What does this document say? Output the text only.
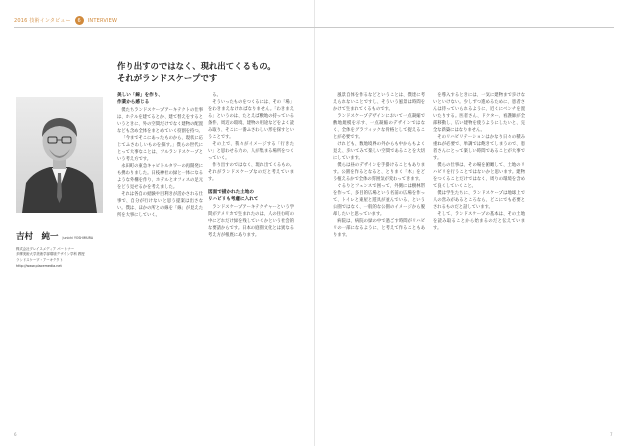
2016 技術インタビュー	6	INTERVIEW
作り出すのではなく、現れ出てくるもの。
それがランドスケープです
吉村　純一 Junichi YOSHIMURA
株式会社プレイスメディア パートナー
多摩美術大学美術学部環境デザイン学科 教授
ランドスケープ・アーキテクト
http://www.placemedia.net
美しい「線」を作り、
作業から感じる

僕たちランドスケープアーキテクトの仕事は、ホテルを建てるとか、建て替えをするというときに、外の空間だけでなく建物の配置なども含め全体をまとめていく役割を持つ。

「今までそこにあったものから、現状に応じてふさわしいものを探す。」僕らの世代にとって大事なことは、フルランドスケープという考え方です。

永田町の東急キャピトルタワーの再開発にも携わりました。日枝神社の緑と一体になるような外構を作り、ホテルとオフィスの足元をどう見せるかを考えました。

それは各自の経験や目利きが活かされる仕事で、自分が行けないと思う提案は出さない。僕は、ほかの所との線を「線」が見えた所を大事にしていく。

る。

そういったものをつくるには、その「場」をわきまえなければなりません。「わきまえる」というのは、たとえば敷地の持っている条件、周辺の環境、建物の用途などをよく読み取り、そこに一番ふさわしい形を探すということです。

その上で、我々がイメージする「行きたい」と思わせる力の、人が集まる場所をつくっていく。

作り出すのではなく、現れ出てくるもの。それがランドスケープなのだと考えています。

図面で描かれた土地の
リハビリも考慮に入れて

ランドスケープアーキテクチャーという学問がアメリカで生まれたのは、人の住む町の中にどれだけ緑を残していくかという社会的な要請からです。日本の庭園文化とは異なる考え方が根底にあります。

風景自体を作るなどということは、僕達に考えられないことですし、そういう風景は時間をかけて生まれてくるものです。

ランドスケープデザインにおいて一点凝縮で敷地規模を示す、一点凝縮のデザインではなく、全体をグラフィックな骨格として捉えることが必要です。

けれども、数地境界の外からも中からもよく見え、歩いてみて楽しい空間であることを大切にしています。

僕らは昼のデザインを手掛けることもあります。公園を作るとなると、とりまく「木」をどう植えるかで全体の雰囲気が変わってきます。

ぐるりとフェンスで囲って、外側には樹林帯を作って、多目的広場という名前の広場を作って、トイレと東屋と遊具が並んでいる、という公園ではなく、一般的な公園のイメージから脱却したいと思っています。

病院は、病院の緑の中で過ごす時間がリハビリの一部になるように、と考えて作ることもあります。

を導入するときには、一気に建物まで歩けないといけない。少しずつ進めるために、患者さんは待っていられるように、近くにベンチを置いたりする。医者さん、ドクター、看護師が全部移動し、広い建物を使うようにしたいと、完全な新築にはなりません。

そのリハビリテーションはかなり日々の積み重ねが必要で、単調では飽きてしまうので、患者さんにとって楽しい時間であることが大事です。

僕らの仕事は、その場を俯瞰して、土地のリハビリを行うことではないかと思います。建物をつくることだけではなく、周りの環境を含めて良くしていくこと。

僕は学生たちに、ランドスケープは地球上で人の営みがあるところなら、どこにでも必要とされるものだと話しています。

そして、ランドスケープの基本は、その土地を読み取ることから始まるのだと伝えています。

6	7
